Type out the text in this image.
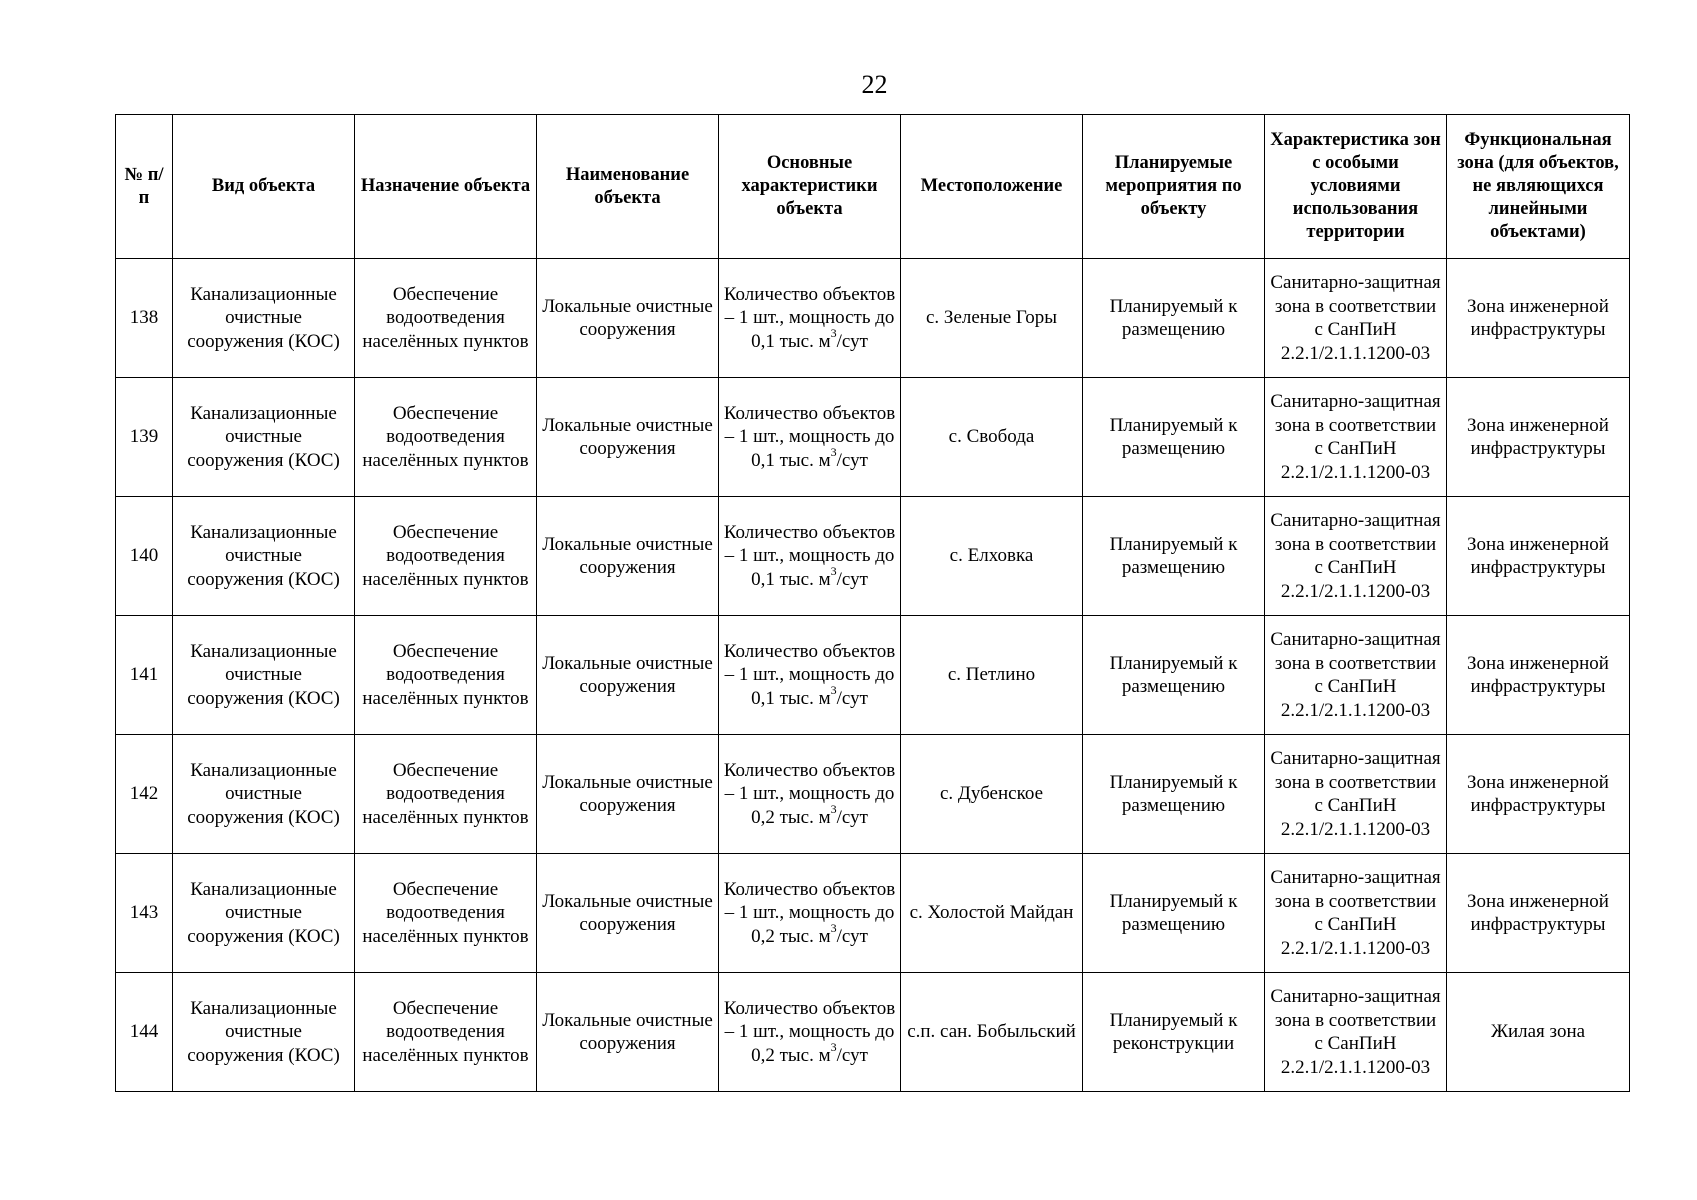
22
№ п/п	Вид объекта	Назначение объекта	Наименование объекта	Основные характеристики объекта	Местоположение	Планируемые мероприятия по объекту	Характеристика зон с особыми условиями использования территории	Функциональная зона (для объектов, не являющихся линейными объектами)
138	Канализационные очистные сооружения (КОС)	Обеспечение водоотведения населённых пунктов	Локальные очистные сооружения	Количество объектов – 1 шт., мощность до 0,1 тыс. $м^3$/сут	с. Зеленые Горы	Планируемый к размещению	Санитарно-защитная зона в соответствии с СанПиН 2.2.1/2.1.1.1200-03	Зона инженерной инфраструктуры
139	Канализационные очистные сооружения (КОС)	Обеспечение водоотведения населённых пунктов	Локальные очистные сооружения	Количество объектов – 1 шт., мощность до 0,1 тыс. $м^3$/сут	с. Свобода	Планируемый к размещению	Санитарно-защитная зона в соответствии с СанПиН 2.2.1/2.1.1.1200-03	Зона инженерной инфраструктуры
140	Канализационные очистные сооружения (КОС)	Обеспечение водоотведения населённых пунктов	Локальные очистные сооружения	Количество объектов – 1 шт., мощность до 0,1 тыс. $м^3$/сут	с. Елховка	Планируемый к размещению	Санитарно-защитная зона в соответствии с СанПиН 2.2.1/2.1.1.1200-03	Зона инженерной инфраструктуры
141	Канализационные очистные сооружения (КОС)	Обеспечение водоотведения населённых пунктов	Локальные очистные сооружения	Количество объектов – 1 шт., мощность до 0,1 тыс. $м^3$/сут	с. Петлино	Планируемый к размещению	Санитарно-защитная зона в соответствии с СанПиН 2.2.1/2.1.1.1200-03	Зона инженерной инфраструктуры
142	Канализационные очистные сооружения (КОС)	Обеспечение водоотведения населённых пунктов	Локальные очистные сооружения	Количество объектов – 1 шт., мощность до 0,2 тыс. $м^3$/сут	с. Дубенское	Планируемый к размещению	Санитарно-защитная зона в соответствии с СанПиН 2.2.1/2.1.1.1200-03	Зона инженерной инфраструктуры
143	Канализационные очистные сооружения (КОС)	Обеспечение водоотведения населённых пунктов	Локальные очистные сооружения	Количество объектов – 1 шт., мощность до 0,2 тыс. $м^3$/сут	с. Холостой Майдан	Планируемый к размещению	Санитарно-защитная зона в соответствии с СанПиН 2.2.1/2.1.1.1200-03	Зона инженерной инфраструктуры
144	Канализационные очистные сооружения (КОС)	Обеспечение водоотведения населённых пунктов	Локальные очистные сооружения	Количество объектов – 1 шт., мощность до 0,2 тыс. $м^3$/сут	с.п. сан. Бобыльский	Планируемый к реконструкции	Санитарно-защитная зона в соответствии с СанПиН 2.2.1/2.1.1.1200-03	Жилая зона
